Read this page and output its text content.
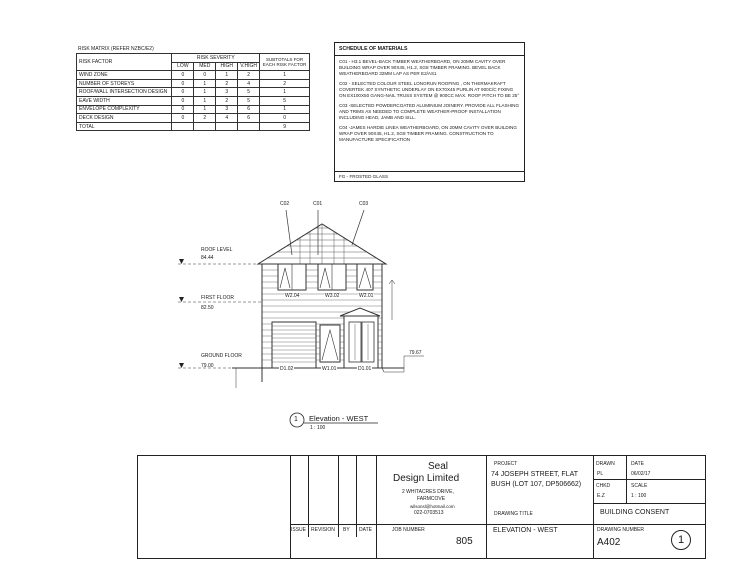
RISK MATRIX (REFER NZBC/E2)
RISK FACTOR	RISK SEVERITY				SUBTOTALS FOR EACH RISK FACTOR
	LOW	MED	HIGH	V.HIGH	
WIND ZONE	0	0	1	2	1
NUMBER OF STOREYS	0	1	2	4	2
ROOF/WALL INTERSECTION DESIGN	0	1	3	5	1
EAVE WIDTH	0	1	2	5	5
ENVELOPE COMPLEXITY	0	1	3	6	1
DECK DESIGN	0	2	4	6	0
TOTAL					9
SCHEDULE OF MATERIALS
C01 - H3.1 BEVEL-BACK TIMBER WEATHERBOARD, ON 20MM CAVITY OVER BUILDING WRAP OVER 90X45, H1.2, SG8 TIMBER FRAMING. BEVEL BACK WEATHERBOARD 32MM LAP AS PER E2/AS1
C02 - SELECTED COLOUR STEEL LONGRUN ROOFING , ON THERMAKRAFT COVERTEK 407 SYNTHETIC UNDERLAY ON EX70X45 PURLIN AT 900C/C FIXING ON EX100X50 GANG-NAIL TRUSS SYSTEM @ 900CC MAX. ROOF PITCH TO BE 25°
C03 -SELECTED POWDERCOATED ALUMINIUM JOINERY. PROVIDE ALL FLASHING AND TRIMS AS NEEDED TO COMPLETE WEATHER-PROOF INSTALLATION INCLUDING HEAD, JAMB AND SILL.
C04 -JAMES HARDIE LINEA WEATHERBOARD, ON 20MM CAVITY OVER BUILDING WRAP OVER 90X45, H1.2, SG8 TIMBER FRAMING. CONSTRUCTION TO MANUFACTURE SPECIFICATION
FG - FROSTED GLASS
C02	C01	C03
ROOF LEVEL
84.44
FIRST FLOOR
82.50
GROUND FLOOR
79.00
W2.04	W3.02	W2.01
D1.02	W1.01	D1.01
79.67
1 Elevation - WEST
1 : 100
Seal
Design Limited
2 WHITACRES DRIVE,
FARMCOVE
wilsonsl@hotmail.com
022-0703513
ISSUE REVISION BY DATE	JOB NUMBER
805
PROJECT
74 JOSEPH STREET, FLAT
BUSH (LOT 107, DP506662)
DRAWING TITLE
ELEVATION - WEST
DRAWN
PL
DATE
06/02/17
CHKD
E.Z
SCALE
1 : 100
BUILDING CONSENT
DRAWING NUMBER
A402	1
